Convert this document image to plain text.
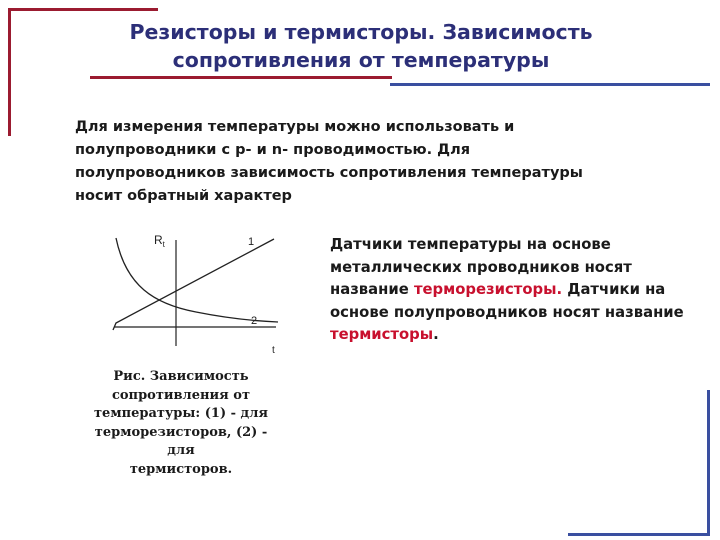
Резисторы и термисторы. Зависимость
сопротивления от температуры
Для измерения температуры можно использовать и
полупроводники с p- и n- проводимостью. Для
полупроводников зависимость сопротивления температуры
носит обратный характер
$R_t$	1
2
t
Рис. Зависимость
сопротивления от
температуры: (1) - для
терморезисторов, (2) - для
термисторов.
Датчики температуры на основе металлических проводников носят название терморезисторы. Датчики на основе полупроводников носят название термисторы.
